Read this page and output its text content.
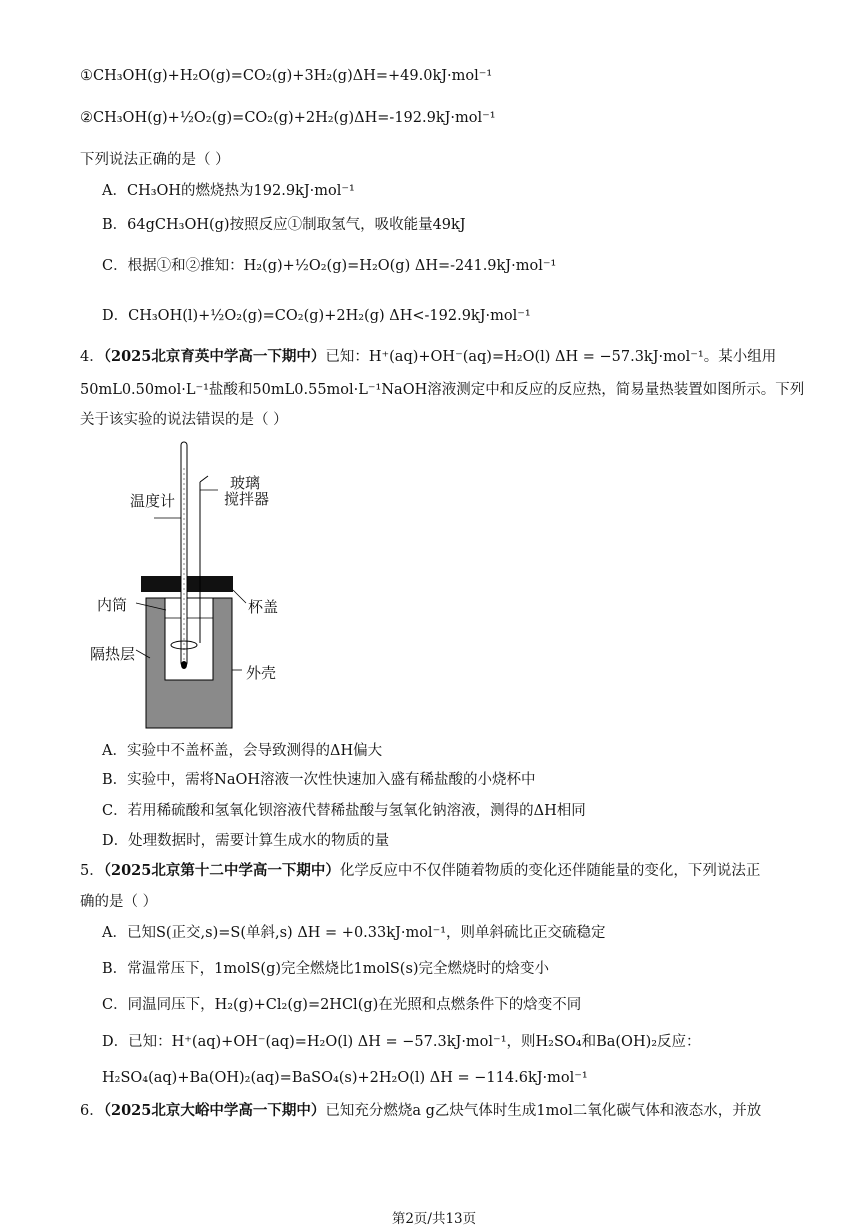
①CH₃OH(g)+H₂O(g)=CO₂(g)+3H₂(g)ΔH=+49.0kJ·mol⁻¹
②CH₃OH(g)+½O₂(g)=CO₂(g)+2H₂(g)ΔH=-192.9kJ·mol⁻¹
下列说法正确的是（ ）
A．CH₃OH的燃烧热为192.9kJ·mol⁻¹
B．64gCH₃OH(g)按照反应①制取氢气，吸收能量49kJ
C．根据①和②推知：H₂(g)+½O₂(g)=H₂O(g) ΔH=-241.9kJ·mol⁻¹
D．CH₃OH(l)+½O₂(g)=CO₂(g)+2H₂(g) ΔH<-192.9kJ·mol⁻¹
4．（2025北京育英中学高一下期中）已知：H⁺(aq)+OH⁻(aq)=H₂O(l) ΔH = −57.3kJ·mol⁻¹。某小组用
50mL0.50mol·L⁻¹盐酸和50mL0.55mol·L⁻¹NaOH溶液测定中和反应的反应热，简易量热装置如图所示。下列
关于该实验的说法错误的是（ ）
温度计
玻璃
搅拌器
内筒	杯盖
隔热层
外壳
A．实验中不盖杯盖，会导致测得的ΔH偏大
B．实验中，需将NaOH溶液一次性快速加入盛有稀盐酸的小烧杯中
C．若用稀硫酸和氢氧化钡溶液代替稀盐酸与氢氧化钠溶液，测得的ΔH相同
D．处理数据时，需要计算生成水的物质的量
5．（2025北京第十二中学高一下期中）化学反应中不仅伴随着物质的变化还伴随能量的变化，下列说法正
确的是（ ）
A．已知S(正交,s)=S(单斜,s) ΔH = +0.33kJ·mol⁻¹，则单斜硫比正交硫稳定
B．常温常压下，1molS(g)完全燃烧比1molS(s)完全燃烧时的焓变小
C．同温同压下，H₂(g)+Cl₂(g)=2HCl(g)在光照和点燃条件下的焓变不同
D．已知：H⁺(aq)+OH⁻(aq)=H₂O(l) ΔH = −57.3kJ·mol⁻¹，则H₂SO₄和Ba(OH)₂反应：
H₂SO₄(aq)+Ba(OH)₂(aq)=BaSO₄(s)+2H₂O(l) ΔH = −114.6kJ·mol⁻¹
6．（2025北京大峪中学高一下期中）已知充分燃烧a g乙炔气体时生成1mol二氧化碳气体和液态水，并放
第2页/共13页
